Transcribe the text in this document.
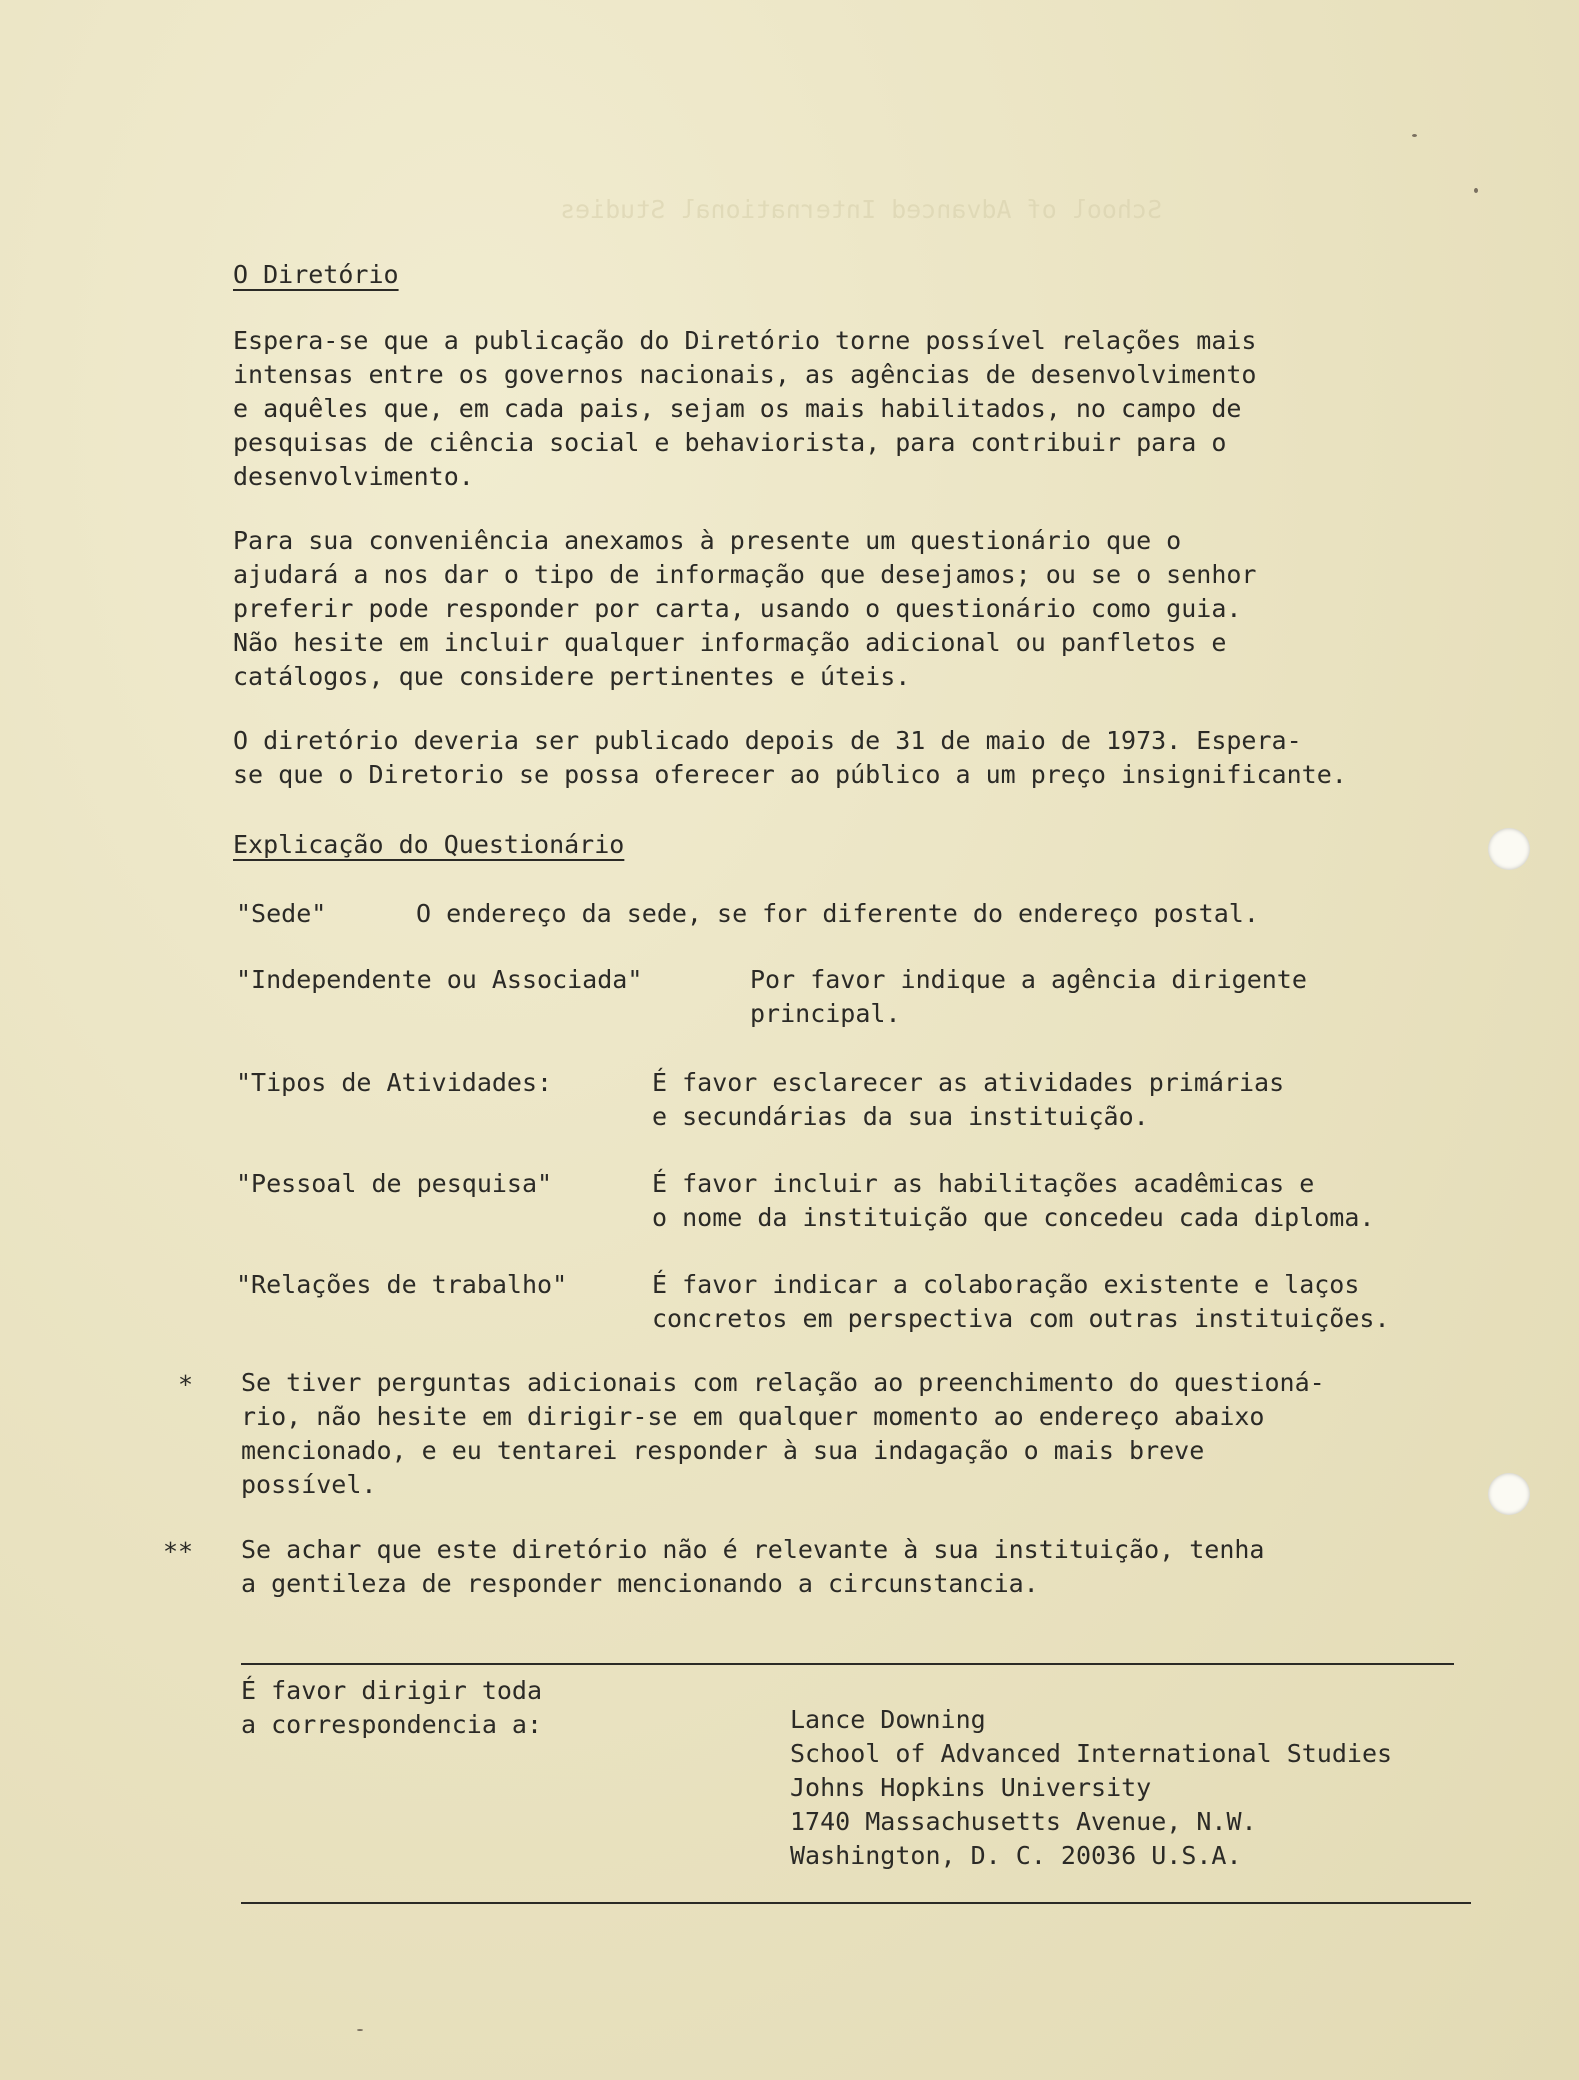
School of Advanced International Studies
O Diretório
Espera-se que a publicação do Diretório torne possível relações mais
intensas entre os governos nacionais, as agências de desenvolvimento
e aquêles que, em cada pais, sejam os mais habilitados, no campo de
pesquisas de ciência social e behaviorista, para contribuir para o
desenvolvimento.
Para sua conveniência anexamos à presente um questionário que o
ajudará a nos dar o tipo de informação que desejamos; ou se o senhor
preferir pode responder por carta, usando o questionário como guia.
Não hesite em incluir qualquer informação adicional ou panfletos e
catálogos, que considere pertinentes e úteis.
O diretório deveria ser publicado depois de 31 de maio de 1973. Espera-
se que o Diretorio se possa oferecer ao público a um preço insignificante.
Explicação do Questionário
"Sede"	O endereço da sede, se for diferente do endereço postal.
"Independente ou Associada"	Por favor indique a agência dirigente
principal.
"Tipos de Atividades:	É favor esclarecer as atividades primárias
e secundárias da sua instituição.
"Pessoal de pesquisa"	É favor incluir as habilitações acadêmicas e
o nome da instituição que concedeu cada diploma.
"Relações de trabalho"	É favor indicar a colaboração existente e laços
concretos em perspectiva com outras instituições.
* Se tiver perguntas adicionais com relação ao preenchimento do questioná-
rio, não hesite em dirigir-se em qualquer momento ao endereço abaixo
mencionado, e eu tentarei responder à sua indagação o mais breve
possível.
** Se achar que este diretório não é relevante à sua instituição, tenha
a gentileza de responder mencionando a circunstancia.
É favor dirigir toda
a correspondencia a:	Lance Downing
School of Advanced International Studies
Johns Hopkins University
1740 Massachusetts Avenue, N.W.
Washington, D. C. 20036 U.S.A.
